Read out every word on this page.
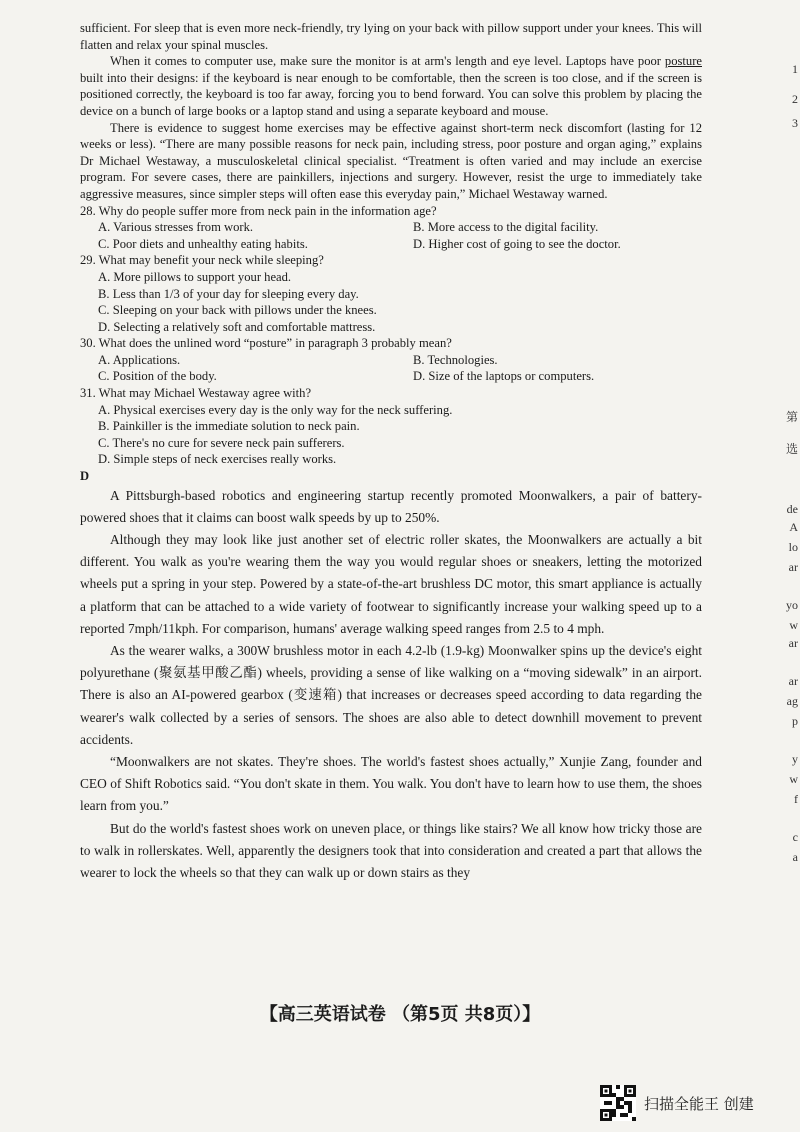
sufficient. For sleep that is even more neck-friendly, try lying on your back with pillow support under your knees. This will flatten and relax your spinal muscles.

When it comes to computer use, make sure the monitor is at arm's length and eye level. Laptops have poor posture built into their designs: if the keyboard is near enough to be comfortable, then the screen is too close, and if the screen is positioned correctly, the keyboard is too far away, forcing you to bend forward. You can solve this problem by placing the device on a bunch of large books or a laptop stand and using a separate keyboard and mouse.

There is evidence to suggest home exercises may be effective against short-term neck discomfort (lasting for 12 weeks or less). “There are many possible reasons for neck pain, including stress, poor posture and organ aging,” explains Dr Michael Westaway, a musculoskeletal clinical specialist. “Treatment is often varied and may include an exercise program. For severe cases, there are painkillers, injections and surgery. However, resist the urge to immediately take aggressive measures, since simpler steps will often ease this everyday pain,” Michael Westaway warned.

28. Why do people suffer more from neck pain in the information age?

A. Various stresses from work.	B. More access to the digital facility.

C. Poor diets and unhealthy eating habits.	D. Higher cost of going to see the doctor.

29. What may benefit your neck while sleeping?

A. More pillows to support your head.

B. Less than 1/3 of your day for sleeping every day.

C. Sleeping on your back with pillows under the knees.

D. Selecting a relatively soft and comfortable mattress.

30. What does the unlined word “posture” in paragraph 3 probably mean?

A. Applications.	B. Technologies.

C. Position of the body.	D. Size of the laptops or computers.

31. What may Michael Westaway agree with?

A. Physical exercises every day is the only way for the neck suffering.

B. Painkiller is the immediate solution to neck pain.

C. There's no cure for severe neck pain sufferers.

D. Simple steps of neck exercises really works.

D

A Pittsburgh-based robotics and engineering startup recently promoted Moonwalkers, a pair of battery-powered shoes that it claims can boost walk speeds by up to 250%.

Although they may look like just another set of electric roller skates, the Moonwalkers are actually a bit different. You walk as you're wearing them the way you would regular shoes or sneakers, letting the motorized wheels put a spring in your step. Powered by a state-of-the-art brushless DC motor, this smart appliance is actually a platform that can be attached to a wide variety of footwear to significantly increase your walking speed up to a reported 7mph/11kph. For comparison, humans' average walking speed ranges from 2.5 to 4 mph.

As the wearer walks, a 300W brushless motor in each 4.2-lb (1.9-kg) Moonwalker spins up the device's eight polyurethane (聚氨基甲酸乙酯) wheels, providing a sense of like walking on a “moving sidewalk” in an airport. There is also an AI-powered gearbox (变速箱) that increases or decreases speed according to data regarding the wearer's walk collected by a series of sensors. The shoes are also able to detect downhill movement to prevent accidents.

“Moonwalkers are not skates. They're shoes. The world's fastest shoes actually,” Xunjie Zang, founder and CEO of Shift Robotics said. “You don't skate in them. You walk. You don't have to learn how to use them, the shoes learn from you.”

But do the world's fastest shoes work on uneven place, or things like stairs? We all know how tricky those are to walk in rollerskates. Well, apparently the designers took that into consideration and created a part that allows the wearer to lock the wheels so that they can walk up or down stairs as they

【高三英语试卷 （第5页 共8页）】
1
2
3
第
选
de
A
lo
ar
yo
w
ar
ar
ag
p
y
w
f
c
a
扫描全能王 创建
